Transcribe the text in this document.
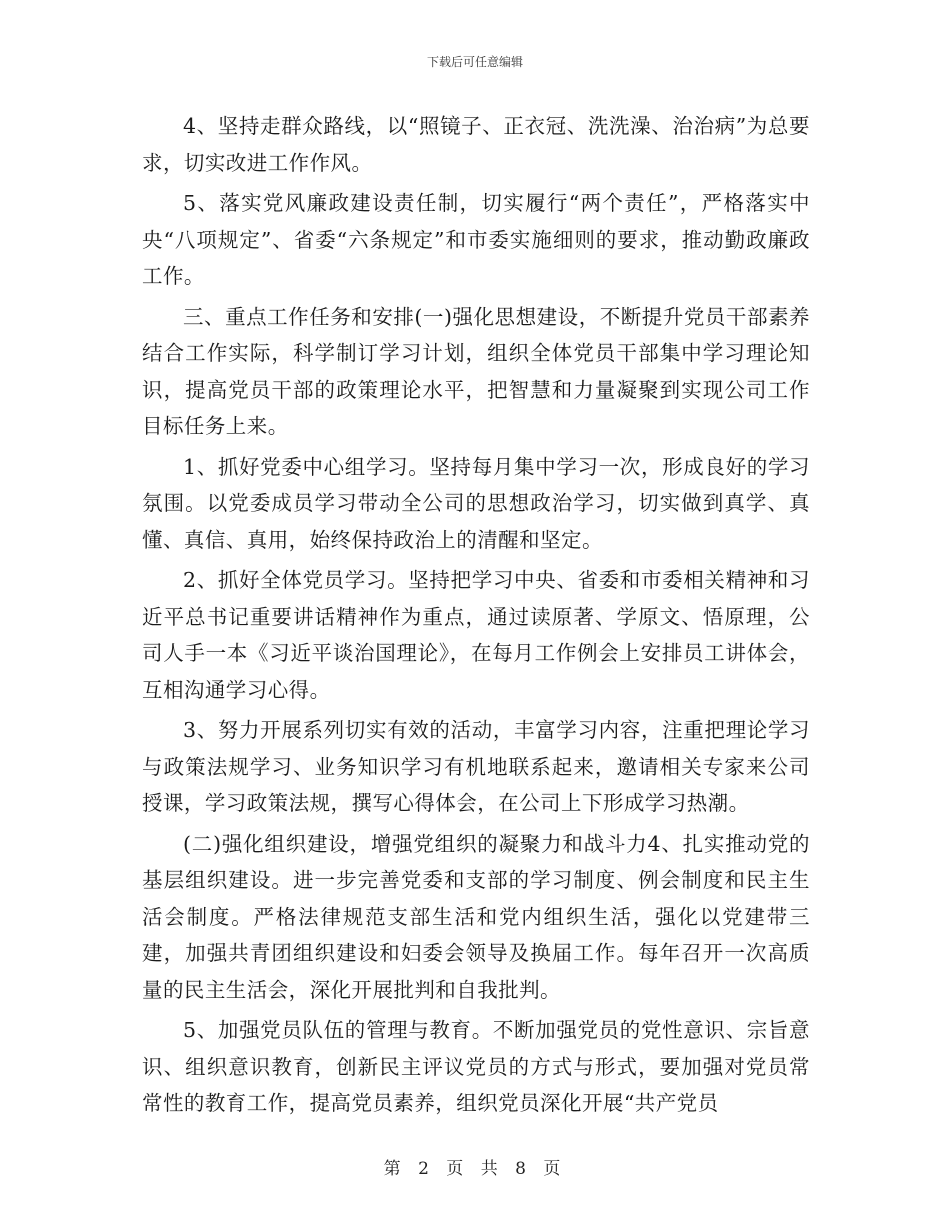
下载后可任意编辑

4、坚持走群众路线，以“照镜子、正衣冠、洗洗澡、治治病”为总要求，切实改进工作作风。

5、落实党风廉政建设责任制，切实履行“两个责任”，严格落实中央“八项规定”、省委“六条规定”和市委实施细则的要求，推动勤政廉政工作。

三、重点工作任务和安排(一)强化思想建设，不断提升党员干部素养结合工作实际，科学制订学习计划，组织全体党员干部集中学习理论知识，提高党员干部的政策理论水平，把智慧和力量凝聚到实现公司工作目标任务上来。

1、抓好党委中心组学习。坚持每月集中学习一次，形成良好的学习氛围。以党委成员学习带动全公司的思想政治学习，切实做到真学、真懂、真信、真用，始终保持政治上的清醒和坚定。

2、抓好全体党员学习。坚持把学习中央、省委和市委相关精神和习近平总书记重要讲话精神作为重点，通过读原著、学原文、悟原理，公司人手一本《习近平谈治国理论》，在每月工作例会上安排员工讲体会，互相沟通学习心得。

3、努力开展系列切实有效的活动，丰富学习内容，注重把理论学习与政策法规学习、业务知识学习有机地联系起来，邀请相关专家来公司授课，学习政策法规，撰写心得体会，在公司上下形成学习热潮。

(二)强化组织建设，增强党组织的凝聚力和战斗力4、扎实推动党的基层组织建设。进一步完善党委和支部的学习制度、例会制度和民主生活会制度。严格法律规范支部生活和党内组织生活，强化以党建带三建，加强共青团组织建设和妇委会领导及换届工作。每年召开一次高质量的民主生活会，深化开展批判和自我批判。

5、加强党员队伍的管理与教育。不断加强党员的党性意识、宗旨意识、组织意识教育，创新民主评议党员的方式与形式，要加强对党员常常性的教育工作，提高党员素养，组织党员深化开展“共产党员

第 2 页 共 8 页
